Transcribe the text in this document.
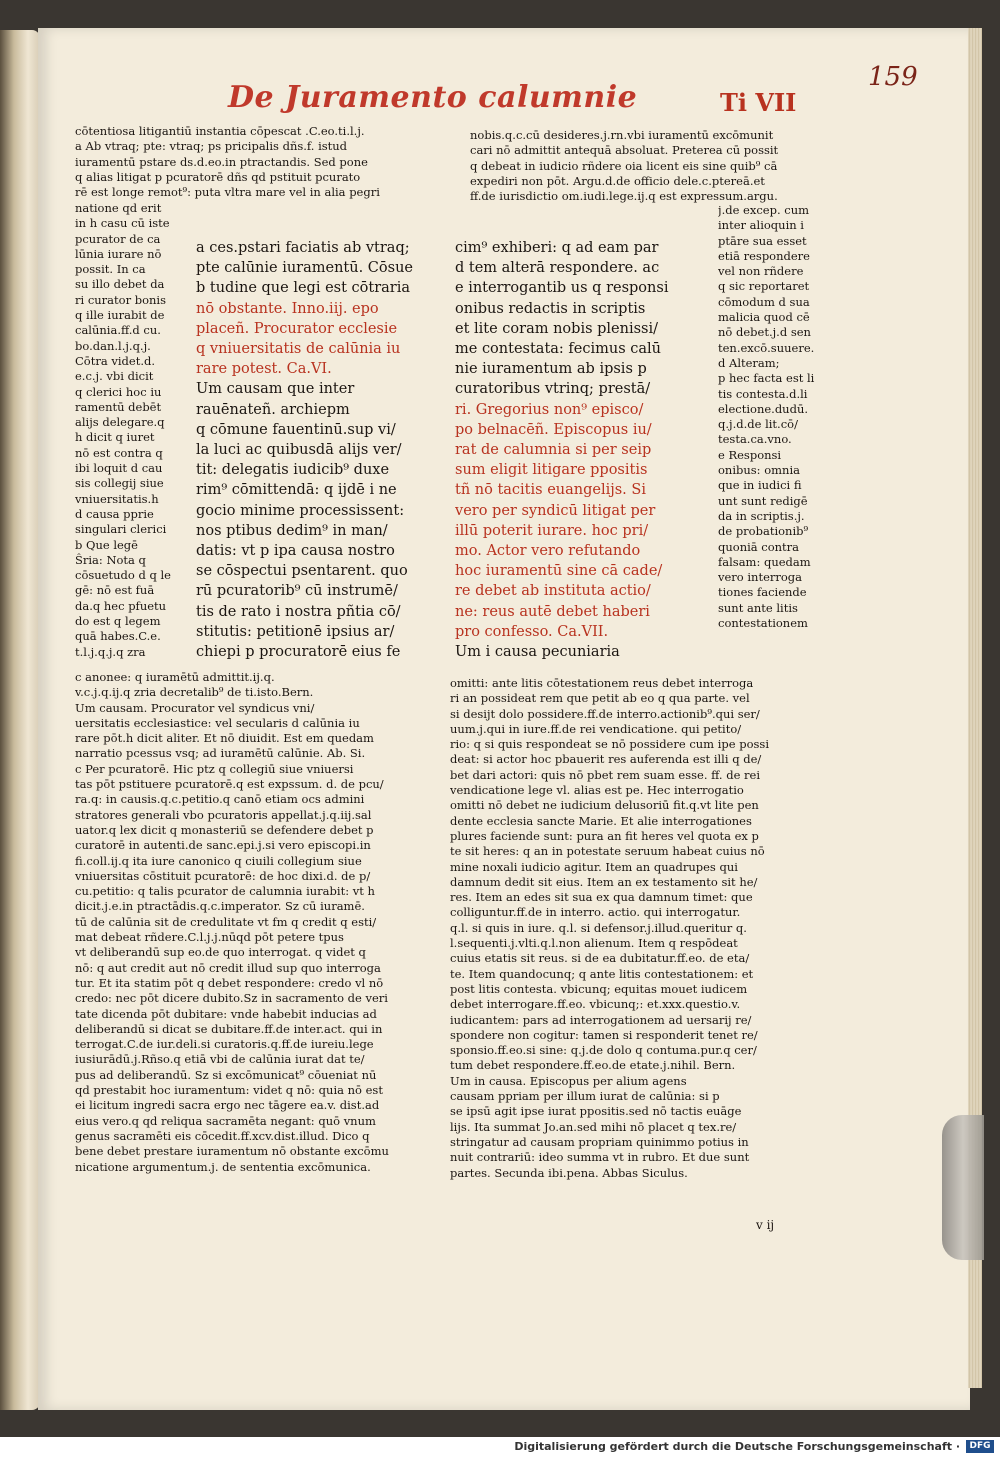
De Juramento calumnie	Ti VII
159
cōtentiosa litigantiū instantia cōpescat .C.eo.ti.l.j.
a Ab vtraq; pte: vtraq; ps pricipalis dñs.f. istud
iuramentū pstare ds.d.eo.in ptractandis. Sed pone
q alias litigat p pcuratorē dñs qd pstituit pcurato
rē est longe remot⁹: puta vltra mare vel in alia pegri
natione qd erit
in h casu cū iste
pcurator de ca
lūnia iurare nō
possit. In ca
su illo debet da
ri curator bonis
q ille iurabit de
calūnia.ff.d cu.
bo.dan.l.j.q.j.
Cōtra videt.d.
e.c.j. vbi dicit
q clerici hoc iu
ramentū debēt
alijs delegare.q
h dicit q iuret
nō est contra q
ibi loquit d cau
sis collegij siue
vniuersitatis.h
d causa pprie
singulari clerici
b Que legē
Ŝria: Nota q
cōsuetudo d q le
gē: nō est fuā
da.q hec pfuetu
do est q legem
quā habes.C.e.
t.l.j.q.j.q zra
nobis.q.c.cū desideres.j.rn.vbi iuramentū excōmunit
cari nō admittit antequā absoluat. Preterea cū possit
q debeat in iudicio rñdere oia licent eis sine quib⁹ cā
expediri non pōt. Argu.d.de officio dele.c.ptereā.et
ff.de iurisdictio om.iudi.lege.ij.q est expressum.argu.
j.de excep. cum
inter alioquin i
ptāre sua esset
etiā respondere
vel non rñdere
q sic reportaret
cōmodum d sua
malicia quod cē
nō debet.j.d sen
ten.excō.suuere.
d Alteram;
p hec facta est li
tis contesta.d.li
electione.dudū.
q.j.d.de lit.cō/
testa.ca.vno.
e Responsi
onibus: omnia
que in iudici fi
unt sunt redigē
da in scriptis.j.
de probationib⁹
quoniā contra
falsam: quedam
vero interroga
tiones faciende
sunt ante litis
contestationem
a ces.pstari faciatis ab vtraq;
pte calūnie iuramentū. Cōsue
b tudine que legi est cōtraria
nō obstante. Inno.iij. epo
placeñ. Procurator ecclesie
q vniuersitatis de calūnia iu
rare potest. Ca.VI.
Um causam que inter
rauēnateñ. archiepm
q cōmune fauentinū.sup vi/
la luci ac quibusdā alijs ver/
tit: delegatis iudicib⁹ duxe
rim⁹ cōmittendā: q ijdē i ne
gocio minime processissent:
nos ptibus dedim⁹ in man/
datis: vt p ipa causa nostro
se cōspectui psentarent. quo
rū pcuratorib⁹ cū instrumē/
tis de rato i nostra pñtia cō/
stitutis: petitionē ipsius ar/
chiepi p procuratorē eius fe
cim⁹ exhiberi: q ad eam par
d tem alterā respondere. ac
e interrogantib us q responsi
onibus redactis in scriptis
et lite coram nobis plenissi/
me contestata: fecimus calū
nie iuramentum ab ipsis p
curatoribus vtrinq; prestā/
ri. Gregorius non⁹ episco/
po belnacēñ. Episcopus iu/
rat de calumnia si per seip
sum eligit litigare ppositis
tñ nō tacitis euangelijs. Si
vero per syndicū litigat per
illū poterit iurare. hoc pri/
mo. Actor vero refutando
hoc iuramentū sine cā cade/
re debet ab instituta actio/
ne: reus autē debet haberi
pro confesso. Ca.VII.
Um i causa pecuniaria
c anonee: q iuramētū admittit.ij.q.
v.c.j.q.ij.q zria decretalib⁹ de ti.isto.Bern.
Um causam. Procurator vel syndicus vni/
uersitatis ecclesiastice: vel secularis d calūnia iu
rare pōt.h dicit aliter. Et nō diuidit. Est em quedam
narratio pcessus vsq; ad iuramētū calūnie. Ab. Si.
c Per pcuratorē. Hic ptz q collegiū siue vniuersi
tas pōt pstituere pcuratorē.q est expssum. d. de pcu/
ra.q: in causis.q.c.petitio.q canō etiam ocs admini
stratores generali vbo pcuratoris appellat.j.q.iij.sal
uator.q lex dicit q monasteriū se defendere debet p
curatorē in autenti.de sanc.epi.j.si vero episcopi.in
fi.coll.ij.q ita iure canonico q ciuili collegium siue
vniuersitas cōstituit pcuratorē: de hoc dixi.d. de p/
cu.petitio: q talis pcurator de calumnia iurabit: vt h
dicit.j.e.in ptractādis.q.c.imperator. Sz cū iuramē.
tū de calūnia sit de credulitate vt fm q credit q esti/
mat debeat rñdere.C.l.j.j.nūqd pōt petere tpus
vt deliberandū sup eo.de quo interrogat. q videt q
nō: q aut credit aut nō credit illud sup quo interroga
tur. Et ita statim pōt q debet respondere: credo vl nō
credo: nec pōt dicere dubito.Sz in sacramento de veri
tate dicenda pōt dubitare: vnde habebit inducias ad
deliberandū si dicat se dubitare.ff.de inter.act. qui in
terrogat.C.de iur.deli.si curatoris.q.ff.de iureiu.lege
iusiurādū.j.Rñso.q etiā vbi de calūnia iurat dat te/
pus ad deliberandū. Sz si excōmunicat⁹ cōueniat nū
qd prestabit hoc iuramentum: videt q nō: quia nō est
ei licitum ingredi sacra ergo nec tāgere ea.v. dist.ad
eius vero.q qd reliqua sacramēta negant: quō vnum
genus sacramēti eis cōcedit.ff.xcv.dist.illud. Dico q
bene debet prestare iuramentum nō obstante excōmu
nicatione argumentum.j. de sententia excōmunica.
omitti: ante litis cōtestationem reus debet interroga
ri an possideat rem que petit ab eo q qua parte. vel
si desijt dolo possidere.ff.de interro.actionib⁹.qui ser/
uum.j.qui in iure.ff.de rei vendicatione. qui petito/
rio: q si quis respondeat se nō possidere cum ipe possi
deat: si actor hoc pbauerit res auferenda est illi q de/
bet dari actori: quis nō pbet rem suam esse. ff. de rei
vendicatione lege vl. alias est pe. Hec interrogatio
omitti nō debet ne iudicium delusoriū fit.q.vt lite pen
dente ecclesia sancte Marie. Et alie interrogationes
plures faciende sunt: pura an fit heres vel quota ex p
te sit heres: q an in potestate seruum habeat cuius nō
mine noxali iudicio agitur. Item an quadrupes qui
damnum dedit sit eius. Item an ex testamento sit he/
res. Item an edes sit sua ex qua damnum timet: que
colliguntur.ff.de in interro. actio. qui interrogatur.
q.l. si quis in iure. q.l. si defensor.j.illud.queritur q.
l.sequenti.j.vlti.q.l.non alienum. Item q respōdeat
cuius etatis sit reus. si de ea dubitatur.ff.eo. de eta/
te. Item quandocunq; q ante litis contestationem: et
post litis contesta. vbicunq; equitas mouet iudicem
debet interrogare.ff.eo. vbicunq;: et.xxx.questio.v.
iudicantem: pars ad interrogationem ad uersarij re/
spondere non cogitur: tamen si responderit tenet re/
sponsio.ff.eo.si sine: q.j.de dolo q contuma.pur.q cer/
tum debet respondere.ff.eo.de etate.j.nihil. Bern.
Um in causa. Episcopus per alium agens
causam ppriam per illum iurat de calūnia: si p
se ipsū agit ipse iurat ppositis.sed nō tactis euāge
lijs. Ita summat Jo.an.sed mihi nō placet q tex.re/
stringatur ad causam propriam quinimmo potius in
nuit contrariū: ideo summa vt in rubro. Et due sunt
partes. Secunda ibi.pena. Abbas Siculus.
v ij
Digitalisierung gefördert durch die Deutsche Forschungsgemeinschaft ·	DFG
